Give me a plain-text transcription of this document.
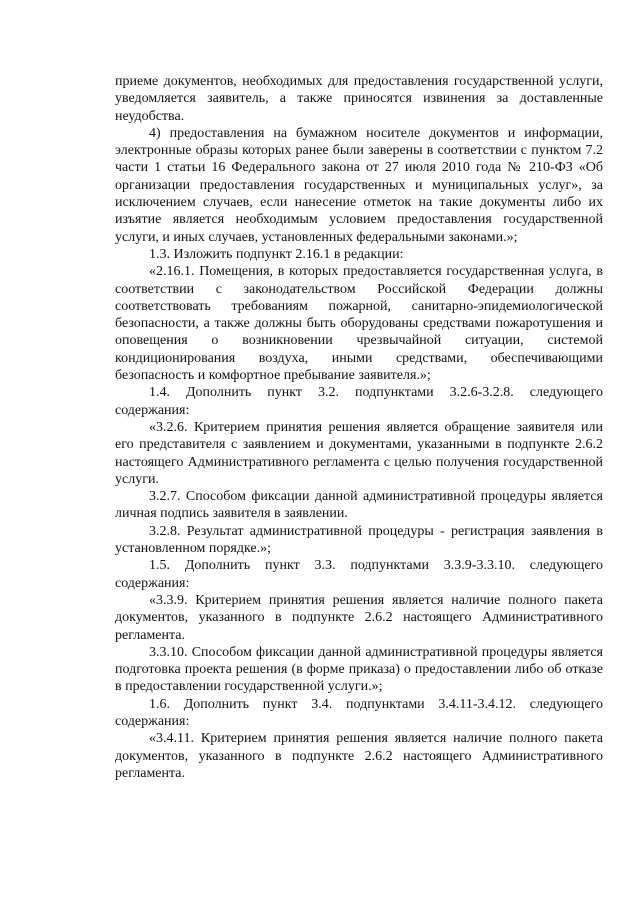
приеме документов, необходимых для предоставления государственной услуги, уведомляется заявитель, а также приносятся извинения за доставленные неудобства.

4) предоставления на бумажном носителе документов и информации, электронные образы которых ранее были заверены в соответствии с пунктом 7.2 части 1 статьи 16 Федерального закона от 27 июля 2010 года № 210-ФЗ «Об организации предоставления государственных и муниципальных услуг», за исключением случаев, если нанесение отметок на такие документы либо их изъятие является необходимым условием предоставления государственной услуги, и иных случаев, установленных федеральными законами.»;

1.3. Изложить подпункт 2.16.1 в редакции:

«2.16.1. Помещения, в которых предоставляется государственная услуга, в соответствии с законодательством Российской Федерации должны соответствовать требованиям пожарной, санитарно-эпидемиологической безопасности, а также должны быть оборудованы средствами пожаротушения и оповещения о возникновении чрезвычайной ситуации, системой кондиционирования воздуха, иными средствами, обеспечивающими безопасность и комфортное пребывание заявителя.»;

1.4. Дополнить пункт 3.2. подпунктами 3.2.6-3.2.8. следующего содержания:

«3.2.6. Критерием принятия решения является обращение заявителя или его представителя с заявлением и документами, указанными в подпункте 2.6.2 настоящего Административного регламента с целью получения государственной услуги.

3.2.7. Способом фиксации данной административной процедуры является личная подпись заявителя в заявлении.

3.2.8. Результат административной процедуры - регистрация заявления в установленном порядке.»;

1.5. Дополнить пункт 3.3. подпунктами 3.3.9-3.3.10. следующего содержания:

«3.3.9. Критерием принятия решения является наличие полного пакета документов, указанного в подпункте 2.6.2 настоящего Административного регламента.

3.3.10. Способом фиксации данной административной процедуры является подготовка проекта решения (в форме приказа) о предоставлении либо об отказе в предоставлении государственной услуги.»;

1.6. Дополнить пункт 3.4. подпунктами 3.4.11-3.4.12. следующего содержания:

«3.4.11. Критерием принятия решения является наличие полного пакета документов, указанного в подпункте 2.6.2 настоящего Административного регламента.
